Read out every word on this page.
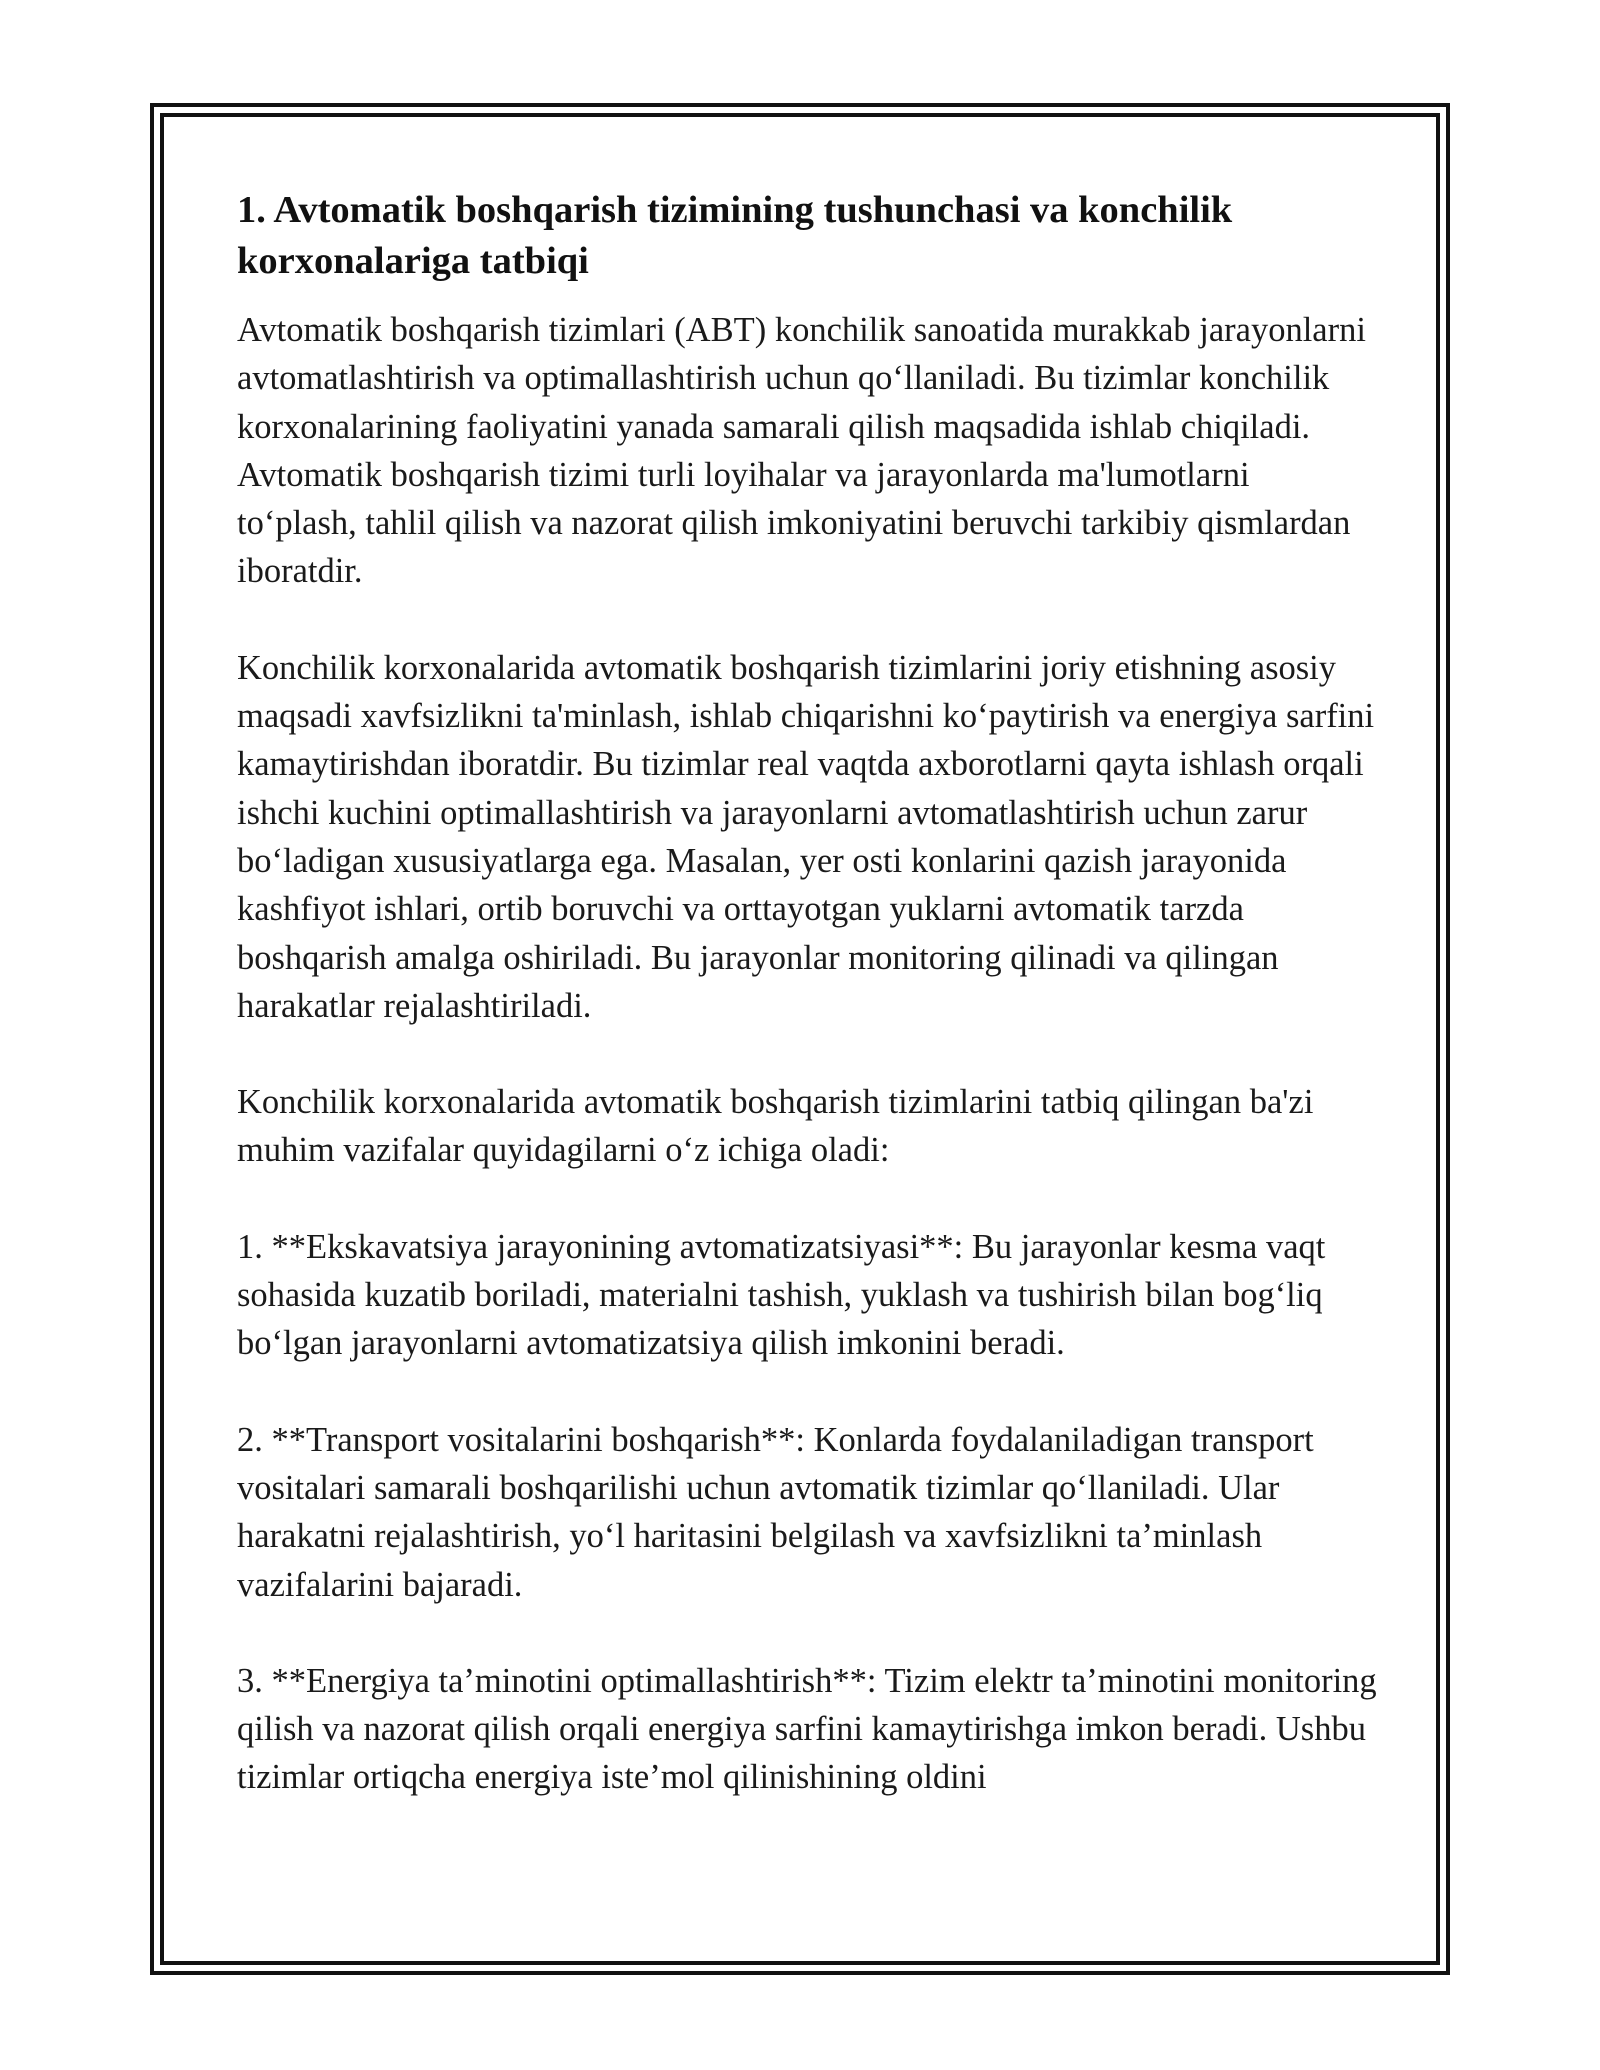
1. Avtomatik boshqarish tizimining tushunchasi va konchilik korxonalariga tatbiqi

Avtomatik boshqarish tizimlari (ABT) konchilik sanoatida murakkab jarayonlarni avtomatlashtirish va optimallashtirish uchun qo‘llaniladi. Bu tizimlar konchilik korxonalarining faoliyatini yanada samarali qilish maqsadida ishlab chiqiladi. Avtomatik boshqarish tizimi turli loyihalar va jarayonlarda ma'lumotlarni to‘plash, tahlil qilish va nazorat qilish imkoniyatini beruvchi tarkibiy qismlardan iboratdir.

Konchilik korxonalarida avtomatik boshqarish tizimlarini joriy etishning asosiy maqsadi xavfsizlikni ta'minlash, ishlab chiqarishni ko‘paytirish va energiya sarfini kamaytirishdan iboratdir. Bu tizimlar real vaqtda axborotlarni qayta ishlash orqali ishchi kuchini optimallashtirish va jarayonlarni avtomatlashtirish uchun zarur bo‘ladigan xususiyatlarga ega. Masalan, yer osti konlarini qazish jarayonida kashfiyot ishlari, ortib boruvchi va orttayotgan yuklarni avtomatik tarzda boshqarish amalga oshiriladi. Bu jarayonlar monitoring qilinadi va qilingan harakatlar rejalashtiriladi.

Konchilik korxonalarida avtomatik boshqarish tizimlarini tatbiq qilingan ba'zi muhim vazifalar quyidagilarni o‘z ichiga oladi:

1. **Ekskavatsiya jarayonining avtomatizatsiyasi**: Bu jarayonlar kesma vaqt sohasida kuzatib boriladi, materialni tashish, yuklash va tushirish bilan bog‘liq bo‘lgan jarayonlarni avtomatizatsiya qilish imkonini beradi.

2. **Transport vositalarini boshqarish**: Konlarda foydalaniladigan transport vositalari samarali boshqarilishi uchun avtomatik tizimlar qo‘llaniladi. Ular harakatni rejalashtirish, yo‘l haritasini belgilash va xavfsizlikni ta’minlash vazifalarini bajaradi.

3. **Energiya ta’minotini optimallashtirish**: Tizim elektr ta’minotini monitoring qilish va nazorat qilish orqali energiya sarfini kamaytirishga imkon beradi. Ushbu tizimlar ortiqcha energiya iste’mol qilinishining oldini
